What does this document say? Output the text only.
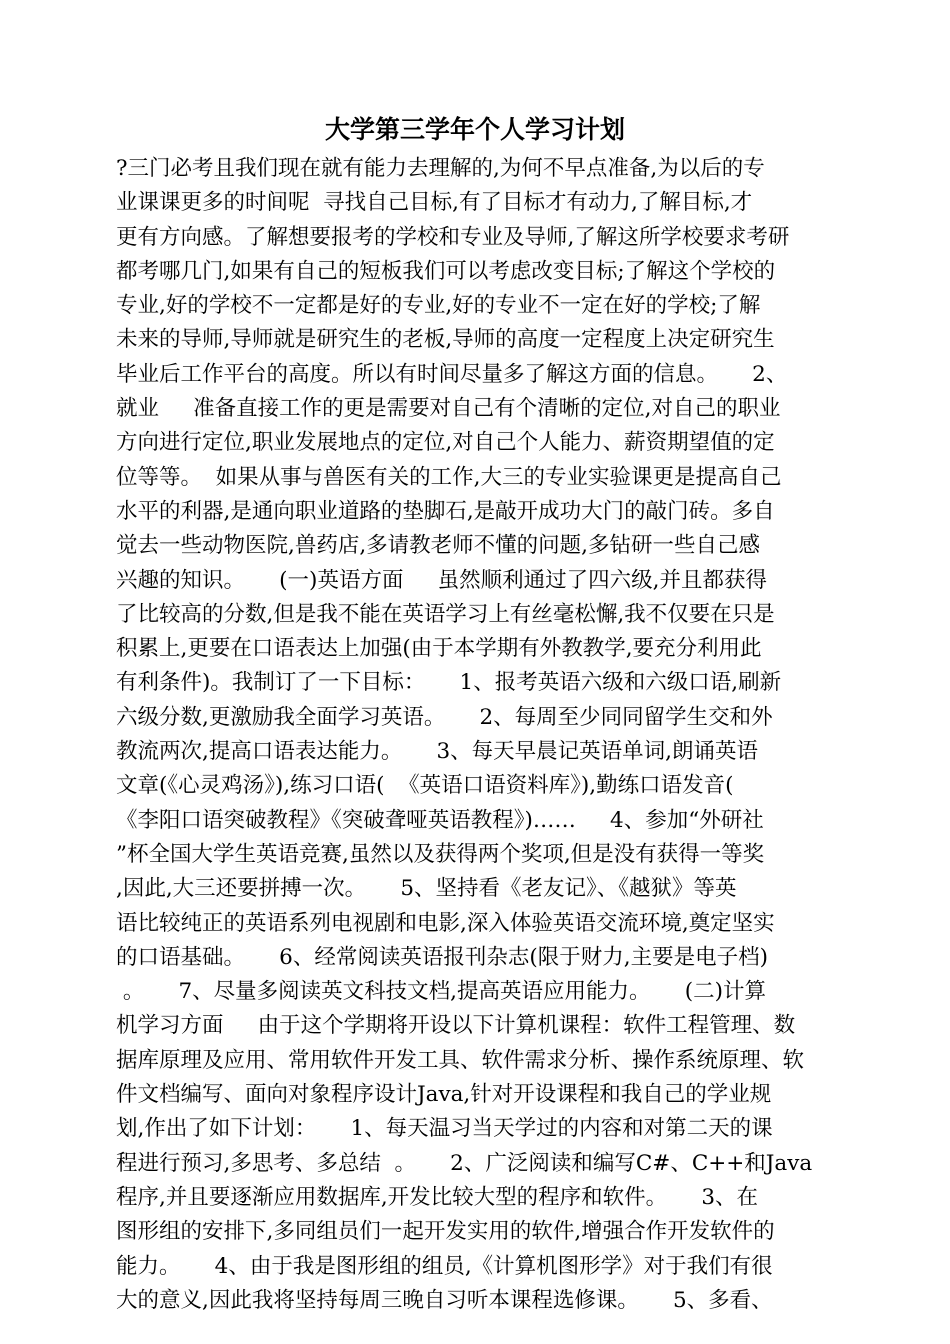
大学第三学年个人学习计划
?三门必考且我们现在就有能力去理解的,为何不早点准备,为以后的专
业课课更多的时间呢  寻找自己目标,有了目标才有动力,了解目标,才
更有方向感。了解想要报考的学校和专业及导师,了解这所学校要求考研
都考哪几门,如果有自己的短板我们可以考虑改变目标;了解这个学校的
专业,好的学校不一定都是好的专业,好的专业不一定在好的学校;了解
未来的导师,导师就是研究生的老板,导师的高度一定程度上决定研究生
毕业后工作平台的高度。所以有时间尽量多了解这方面的信息。     2、
就业     准备直接工作的更是需要对自己有个清晰的定位,对自己的职业
方向进行定位,职业发展地点的定位,对自己个人能力、薪资期望值的定
位等等。  如果从事与兽医有关的工作,大三的专业实验课更是提高自己
水平的利器,是通向职业道路的垫脚石,是敲开成功大门的敲门砖。多自
觉去一些动物医院,兽药店,多请教老师不懂的问题,多钻研一些自己感
兴趣的知识。     (一)英语方面     虽然顺利通过了四六级,并且都获得
了比较高的分数,但是我不能在英语学习上有丝毫松懈,我不仅要在只是
积累上,更要在口语表达上加强(由于本学期有外教教学,要充分利用此
有利条件)。我制订了一下目标：     1、报考英语六级和六级口语,刷新
六级分数,更激励我全面学习英语。     2、每周至少同同留学生交和外
教流两次,提高口语表达能力。     3、每天早晨记英语单词,朗诵英语
文章(《心灵鸡汤》),练习口语(  《英语口语资料库》),勤练口语发音(
《李阳口语突破教程》《突破聋哑英语教程》)……     4、参加“外研社
”杯全国大学生英语竞赛,虽然以及获得两个奖项,但是没有获得一等奖
,因此,大三还要拼搏一次。     5、坚持看《老友记》、《越狱》等英
语比较纯正的英语系列电视剧和电影,深入体验英语交流环境,奠定坚实
的口语基础。     6、经常阅读英语报刊杂志(限于财力,主要是电子档)
。     7、尽量多阅读英文科技文档,提高英语应用能力。     (二)计算
机学习方面     由于这个学期将开设以下计算机课程：软件工程管理、数
据库原理及应用、常用软件开发工具、软件需求分析、操作系统原理、软
件文档编写、面向对象程序设计Java,针对开设课程和我自己的学业规
划,作出了如下计划：     1、每天温习当天学过的内容和对第二天的课
程进行预习,多思考、多总结  。     2、广泛阅读和编写C#、C++和Java
程序,并且要逐渐应用数据库,开发比较大型的程序和软件。     3、在
图形组的安排下,多同组员们一起开发实用的软件,增强合作开发软件的
能力。     4、由于我是图形组的组员,《计算机图形学》对于我们有很
大的意义,因此我将坚持每周三晚自习听本课程选修课。     5、多看、
